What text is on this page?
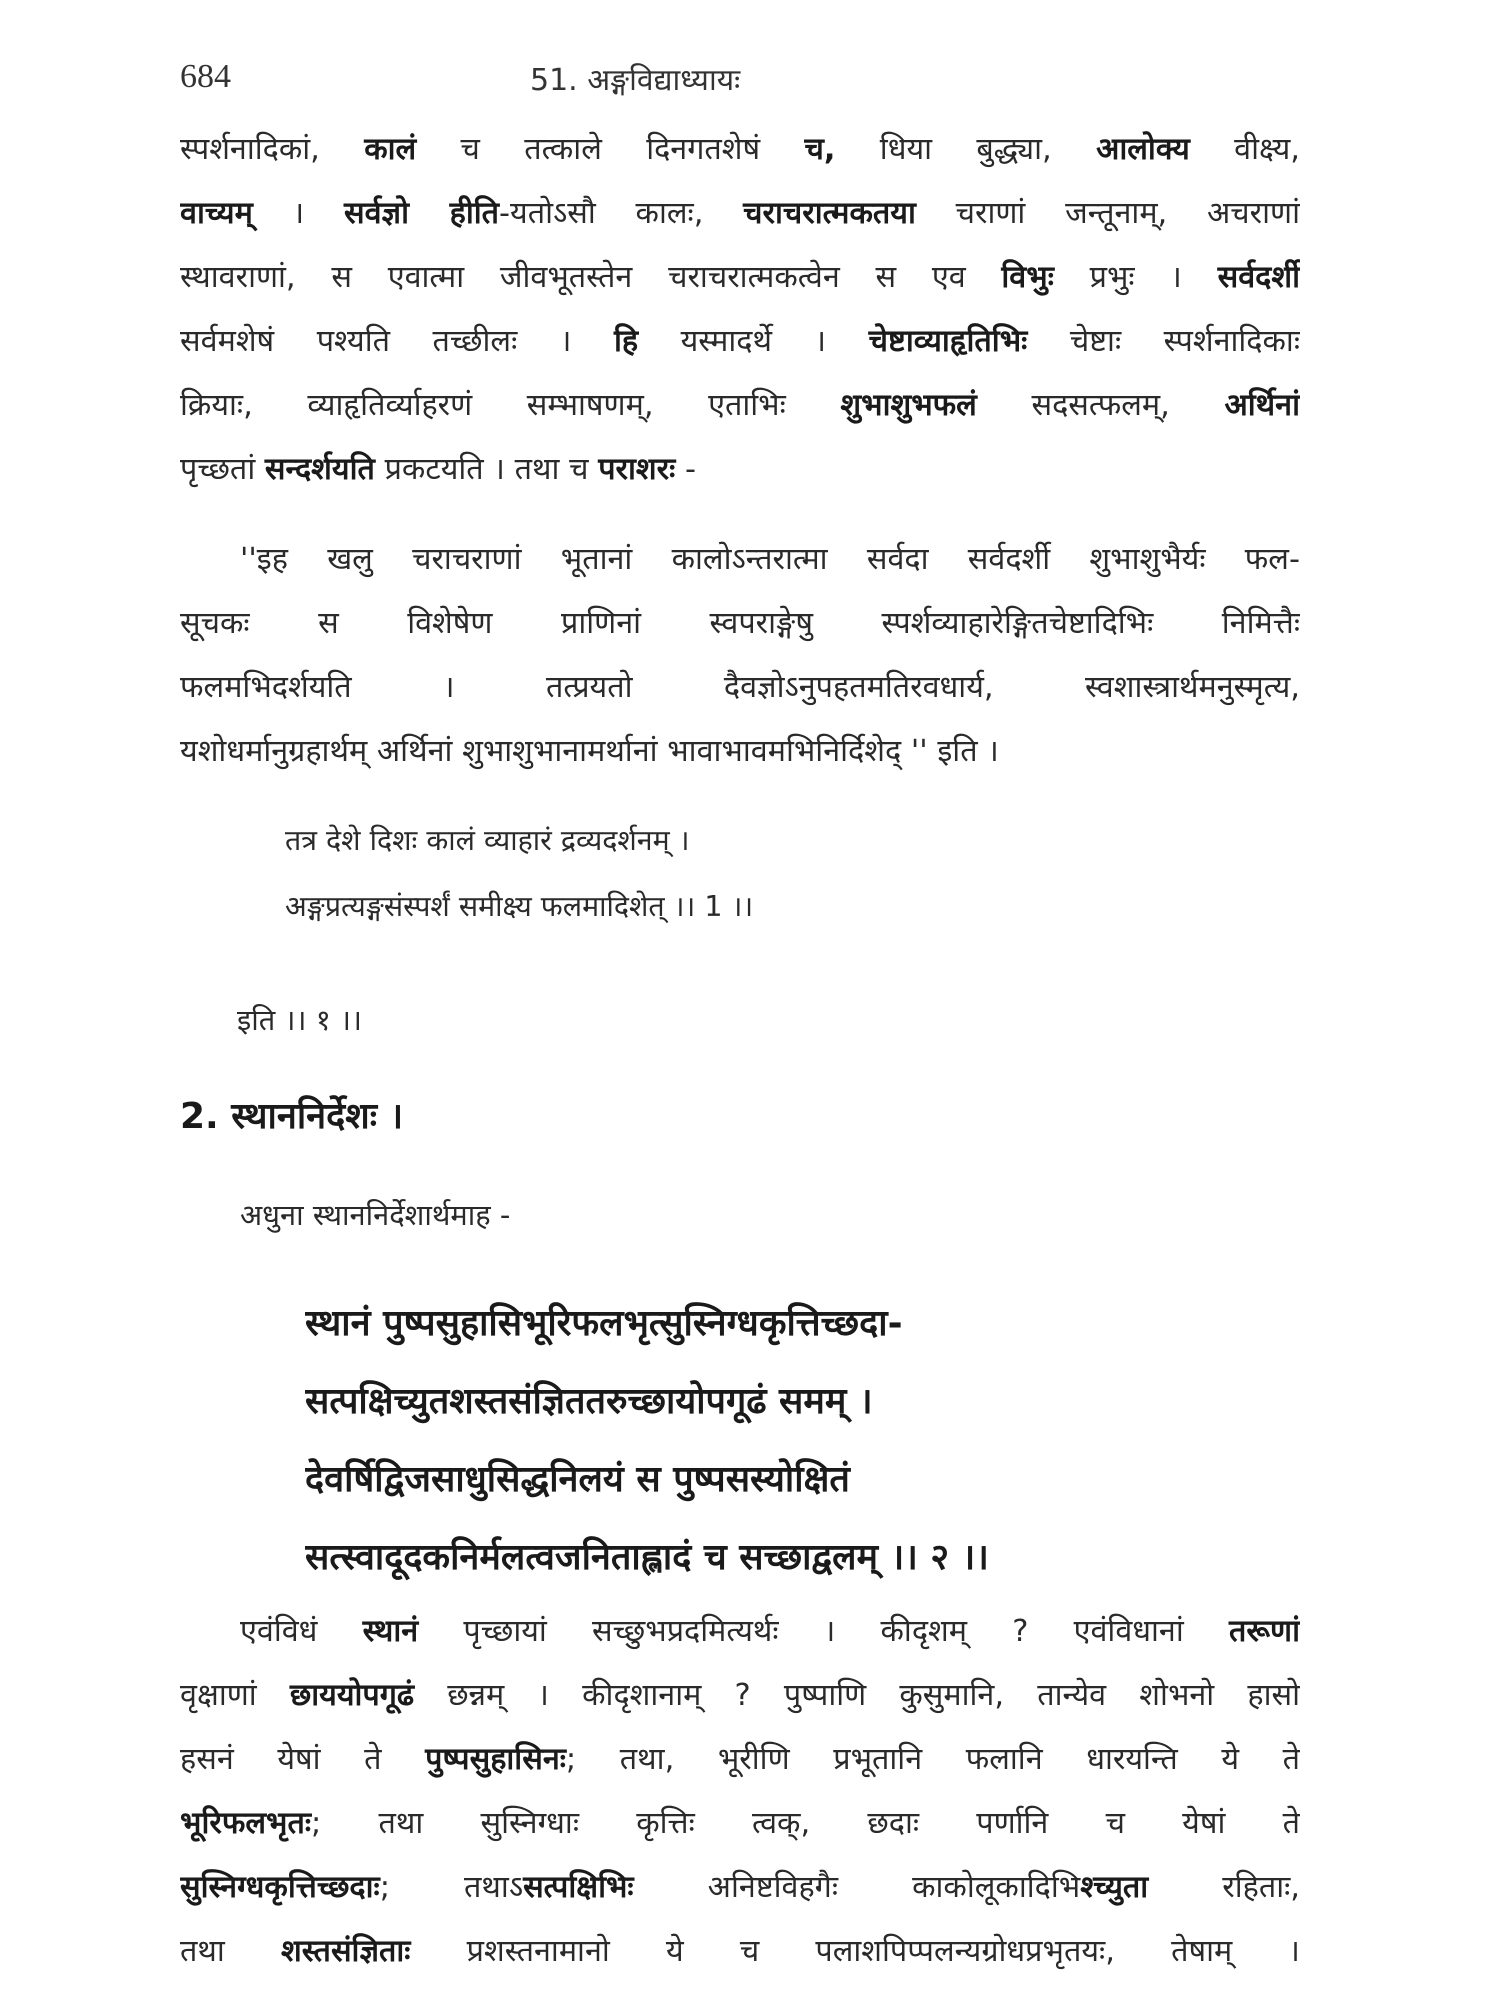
684	51. अङ्गविद्याध्यायः
स्पर्शनादिकां, कालं च तत्काले दिनगतशेषं च, धिया बुद्ध्या, आलोक्य वीक्ष्य,
वाच्यम् । सर्वज्ञो हीति-यतोऽसौ कालः, चराचरात्मकतया चराणां जन्तूनाम्, अचराणां
स्थावराणां, स एवात्मा जीवभूतस्तेन चराचरात्मकत्वेन स एव विभुः प्रभुः । सर्वदर्शी
सर्वमशेषं पश्यति तच्छीलः । हि यस्मादर्थे । चेष्टाव्याहृतिभिः चेष्टाः स्पर्शनादिकाः
क्रियाः, व्याहृतिर्व्याहरणं सम्भाषणम्, एताभिः शुभाशुभफलं सदसत्फलम्, अर्थिनां
पृच्छतां सन्दर्शयति प्रकटयति । तथा च पराशरः -
''इह खलु चराचराणां भूतानां कालोऽन्तरात्मा सर्वदा सर्वदर्शी शुभाशुभैर्यः फल-
सूचकः स विशेषेण प्राणिनां स्वपराङ्गेषु स्पर्शव्याहारेङ्गितचेष्टादिभिः निमित्तैः
फलमभिदर्शयति । तत्प्रयतो दैवज्ञोऽनुपहतमतिरवधार्य, स्वशास्त्रार्थमनुस्मृत्य,
यशोधर्मानुग्रहार्थम् अर्थिनां शुभाशुभानामर्थानां भावाभावमभिनिर्दिशेद् '' इति ।
तत्र देशे दिशः कालं व्याहारं द्रव्यदर्शनम् ।
अङ्गप्रत्यङ्गसंस्पर्शं समीक्ष्य फलमादिशेत् ।। 1 ।।
इति ।। १ ।।
2. स्थाननिर्देशः ।
अधुना स्थाननिर्देशार्थमाह -
स्थानं पुष्पसुहासिभूरिफलभृत्सुस्निग्धकृत्तिच्छदा-
सत्पक्षिच्युतशस्तसंज्ञिततरुच्छायोपगूढं समम् ।
देवर्षिद्विजसाधुसिद्धनिलयं स पुष्पसस्योक्षितं
सत्स्वादूदकनिर्मलत्वजनिताह्लादं च सच्छाद्वलम् ।। २ ।।
एवंविधं स्थानं पृच्छायां सच्छुभप्रदमित्यर्थः । कीदृशम् ? एवंविधानां तरूणां
वृक्षाणां छाययोपगूढं छन्नम् । कीदृशानाम् ? पुष्पाणि कुसुमानि, तान्येव शोभनो हासो
हसनं येषां ते पुष्पसुहासिनः; तथा, भूरीणि प्रभूतानि फलानि धारयन्ति ये ते
भूरिफलभृतः; तथा सुस्निग्धाः कृत्तिः त्वक्, छदाः पर्णानि च येषां ते
सुस्निग्धकृत्तिच्छदाः; तथाऽसत्पक्षिभिः अनिष्टविहगैः काकोलूकादिभिश्च्युता रहिताः,
तथा शस्तसंज्ञिताः प्रशस्तनामानो ये च पलाशपिप्पलन्यग्रोधप्रभृतयः, तेषाम् ।
